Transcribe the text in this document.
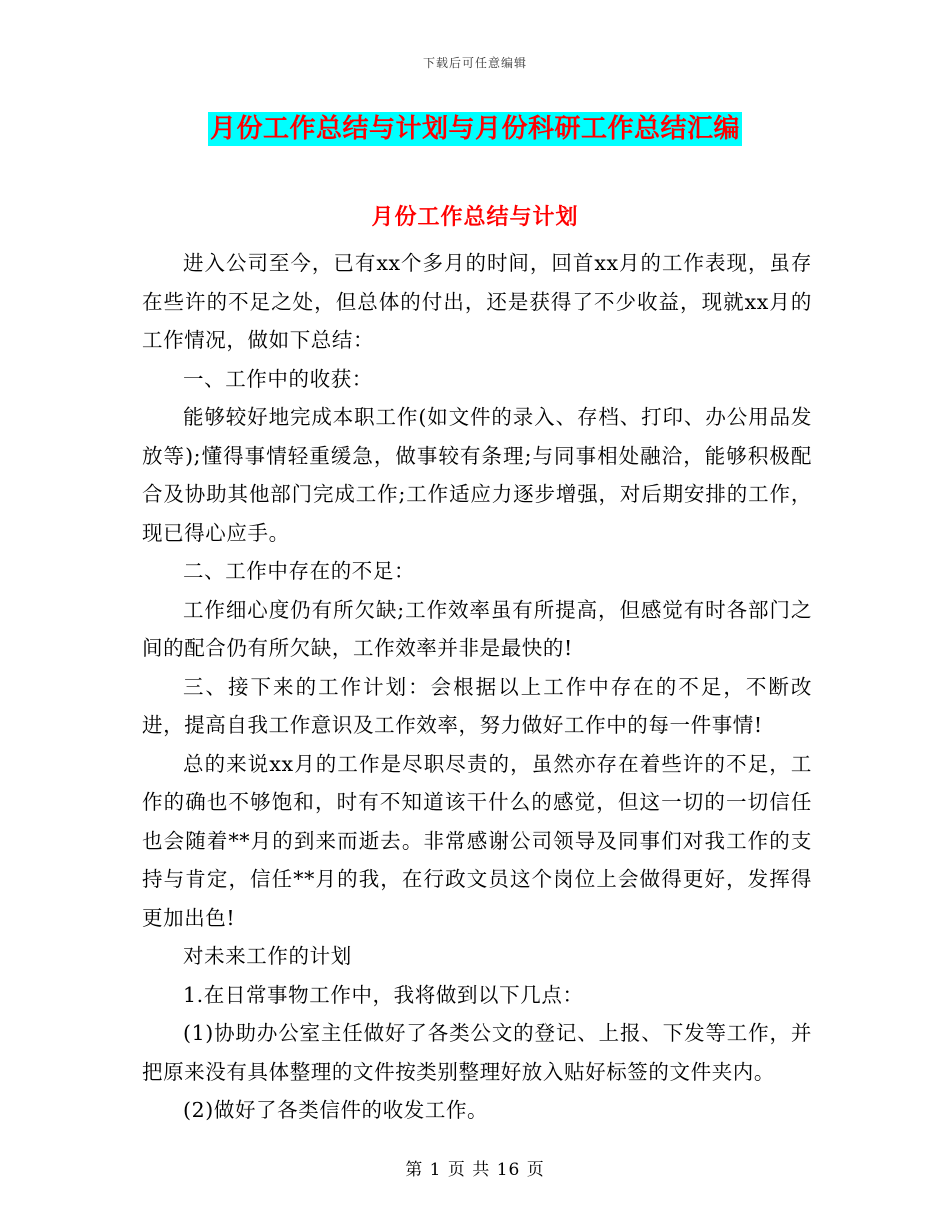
下载后可任意编辑
月份工作总结与计划与月份科研工作总结汇编
月份工作总结与计划

进入公司至今，已有xx个多月的时间，回首xx月的工作表现，虽存在些许的不足之处，但总体的付出，还是获得了不少收益，现就xx月的工作情况，做如下总结：

一、工作中的收获：

能够较好地完成本职工作(如文件的录入、存档、打印、办公用品发放等);懂得事情轻重缓急，做事较有条理;与同事相处融洽，能够积极配合及协助其他部门完成工作;工作适应力逐步增强，对后期安排的工作，现已得心应手。

二、工作中存在的不足：

工作细心度仍有所欠缺;工作效率虽有所提高，但感觉有时各部门之间的配合仍有所欠缺，工作效率并非是最快的!

三、接下来的工作计划：会根据以上工作中存在的不足，不断改进，提高自我工作意识及工作效率，努力做好工作中的每一件事情!

总的来说xx月的工作是尽职尽责的，虽然亦存在着些许的不足，工作的确也不够饱和，时有不知道该干什么的感觉，但这一切的一切信任也会随着**月的到来而逝去。非常感谢公司领导及同事们对我工作的支持与肯定，信任**月的我，在行政文员这个岗位上会做得更好，发挥得更加出色!

对未来工作的计划

1.在日常事物工作中，我将做到以下几点：

(1)协助办公室主任做好了各类公文的登记、上报、下发等工作，并把原来没有具体整理的文件按类别整理好放入贴好标签的文件夹内。

(2)做好了各类信件的收发工作。

第 1 页 共 16 页
